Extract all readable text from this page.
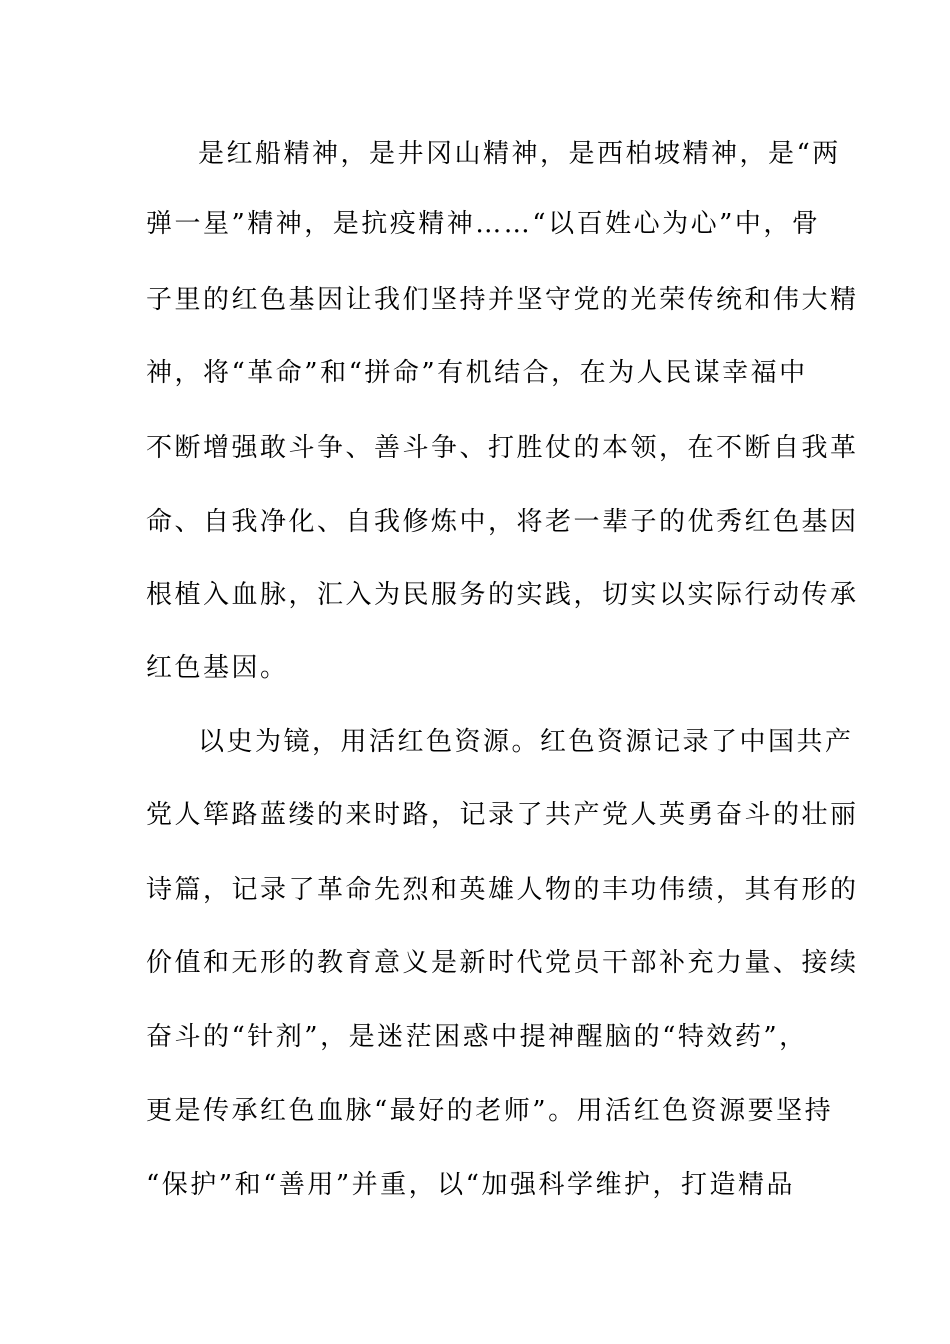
是红船精神，是井冈山精神，是西柏坡精神，是“两

弹一星”精神，是抗疫精神……“以百姓心为心”中，骨

子里的红色基因让我们坚持并坚守党的光荣传统和伟大精

神，将“革命”和“拼命”有机结合，在为人民谋幸福中

不断增强敢斗争、善斗争、打胜仗的本领，在不断自我革

命、自我净化、自我修炼中，将老一辈子的优秀红色基因

根植入血脉，汇入为民服务的实践，切实以实际行动传承

红色基因。

以史为镜，用活红色资源。红色资源记录了中国共产

党人筚路蓝缕的来时路，记录了共产党人英勇奋斗的壮丽

诗篇，记录了革命先烈和英雄人物的丰功伟绩，其有形的

价值和无形的教育意义是新时代党员干部补充力量、接续

奋斗的“针剂”，是迷茫困惑中提神醒脑的“特效药”，

更是传承红色血脉“最好的老师”。用活红色资源要坚持

“保护”和“善用”并重，以“加强科学维护，打造精品
